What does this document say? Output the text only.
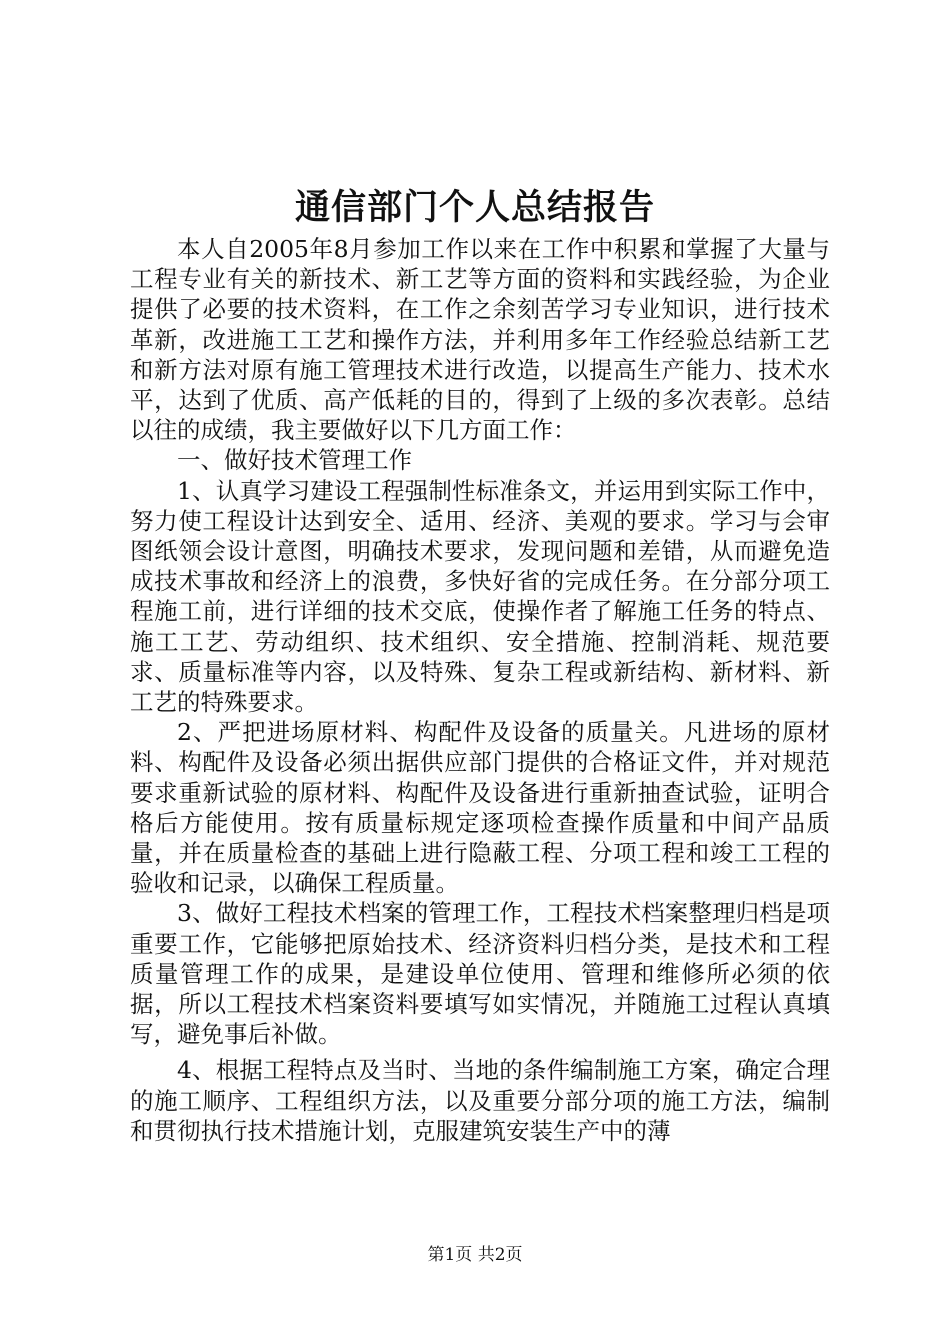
通信部门个人总结报告

本人自2005年8月参加工作以来在工作中积累和掌握了大量与工程专业有关的新技术、新工艺等方面的资料和实践经验，为企业提供了必要的技术资料，在工作之余刻苦学习专业知识，进行技术革新，改进施工工艺和操作方法，并利用多年工作经验总结新工艺和新方法对原有施工管理技术进行改造，以提高生产能力、技术水平，达到了优质、高产低耗的目的，得到了上级的多次表彰。总结以往的成绩，我主要做好以下几方面工作：

一、做好技术管理工作

1、认真学习建设工程强制性标准条文，并运用到实际工作中，努力使工程设计达到安全、适用、经济、美观的要求。学习与会审图纸领会设计意图，明确技术要求，发现问题和差错，从而避免造成技术事故和经济上的浪费，多快好省的完成任务。在分部分项工程施工前，进行详细的技术交底，使操作者了解施工任务的特点、施工工艺、劳动组织、技术组织、安全措施、控制消耗、规范要求、质量标准等内容，以及特殊、复杂工程或新结构、新材料、新工艺的特殊要求。

2、严把进场原材料、构配件及设备的质量关。凡进场的原材料、构配件及设备必须出据供应部门提供的合格证文件，并对规范要求重新试验的原材料、构配件及设备进行重新抽查试验，证明合格后方能使用。按有质量标规定逐项检查操作质量和中间产品质量，并在质量检查的基础上进行隐蔽工程、分项工程和竣工工程的验收和记录，以确保工程质量。

3、做好工程技术档案的管理工作，工程技术档案整理归档是项重要工作，它能够把原始技术、经济资料归档分类，是技术和工程质量管理工作的成果，是建设单位使用、管理和维修所必须的依据，所以工程技术档案资料要填写如实情况，并随施工过程认真填写，避免事后补做。

4、根据工程特点及当时、当地的条件编制施工方案，确定合理的施工顺序、工程组织方法，以及重要分部分项的施工方法，编制和贯彻执行技术措施计划，克服建筑安装生产中的薄

第1页 共2页
